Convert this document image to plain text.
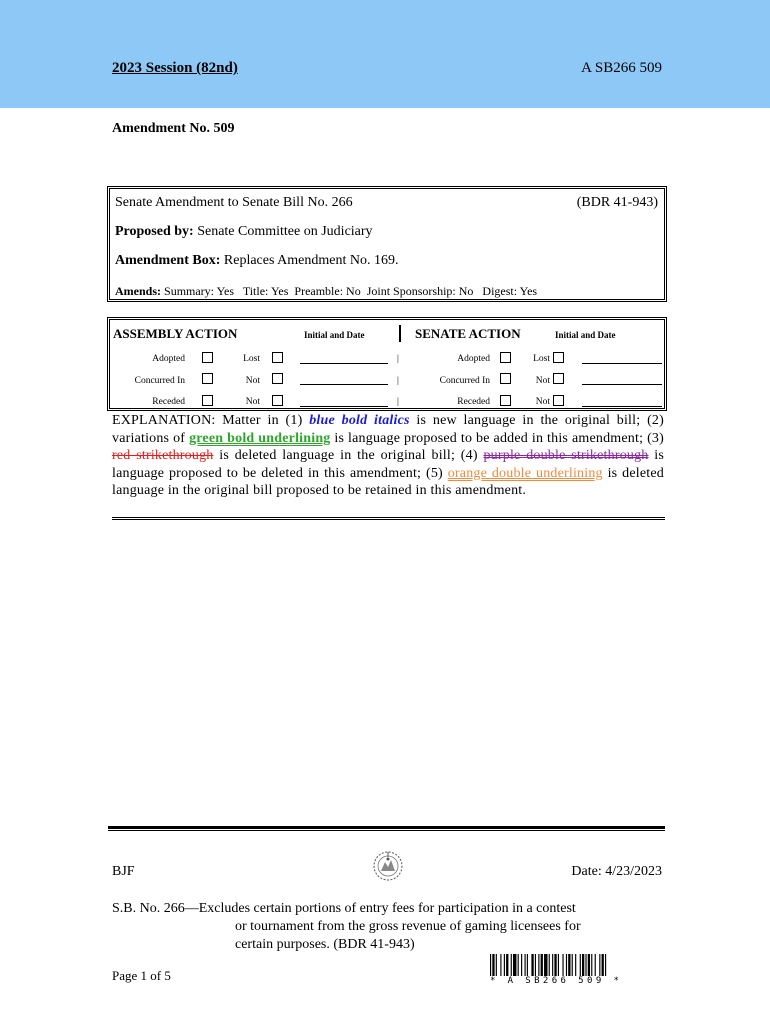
2023 Session (82nd)	A SB266 509
Amendment No. 509
Senate Amendment to Senate Bill No. 266	(BDR 41-943)
Proposed by: Senate Committee on Judiciary
Amendment Box: Replaces Amendment No. 169.
Amends: Summary: Yes   Title: Yes  Preamble: No  Joint Sponsorship: No   Digest: Yes
ASSEMBLY ACTION	Initial and Date	SENATE ACTION	Initial and Date
Adopted	Lost	|	Adopted	Lost
Concurred In	Not	|	Concurred In	Not
Receded	Not	|	Receded	Not
EXPLANATION: Matter in (1) blue bold italics is new language in the original bill; (2) variations of green bold underlining is language proposed to be added in this amendment; (3) red strikethrough is deleted language in the original bill; (4) purple double strikethrough is language proposed to be deleted in this amendment; (5) orange double underlining is deleted language in the original bill proposed to be retained in this amendment.
BJF	Date: 4/23/2023
S.B. No. 266—Excludes certain portions of entry fees for participation in a contest
or tournament from the gross revenue of gaming licensees for
certain purposes. (BDR 41-943)
Page 1 of 5	* A SB266 509 *
